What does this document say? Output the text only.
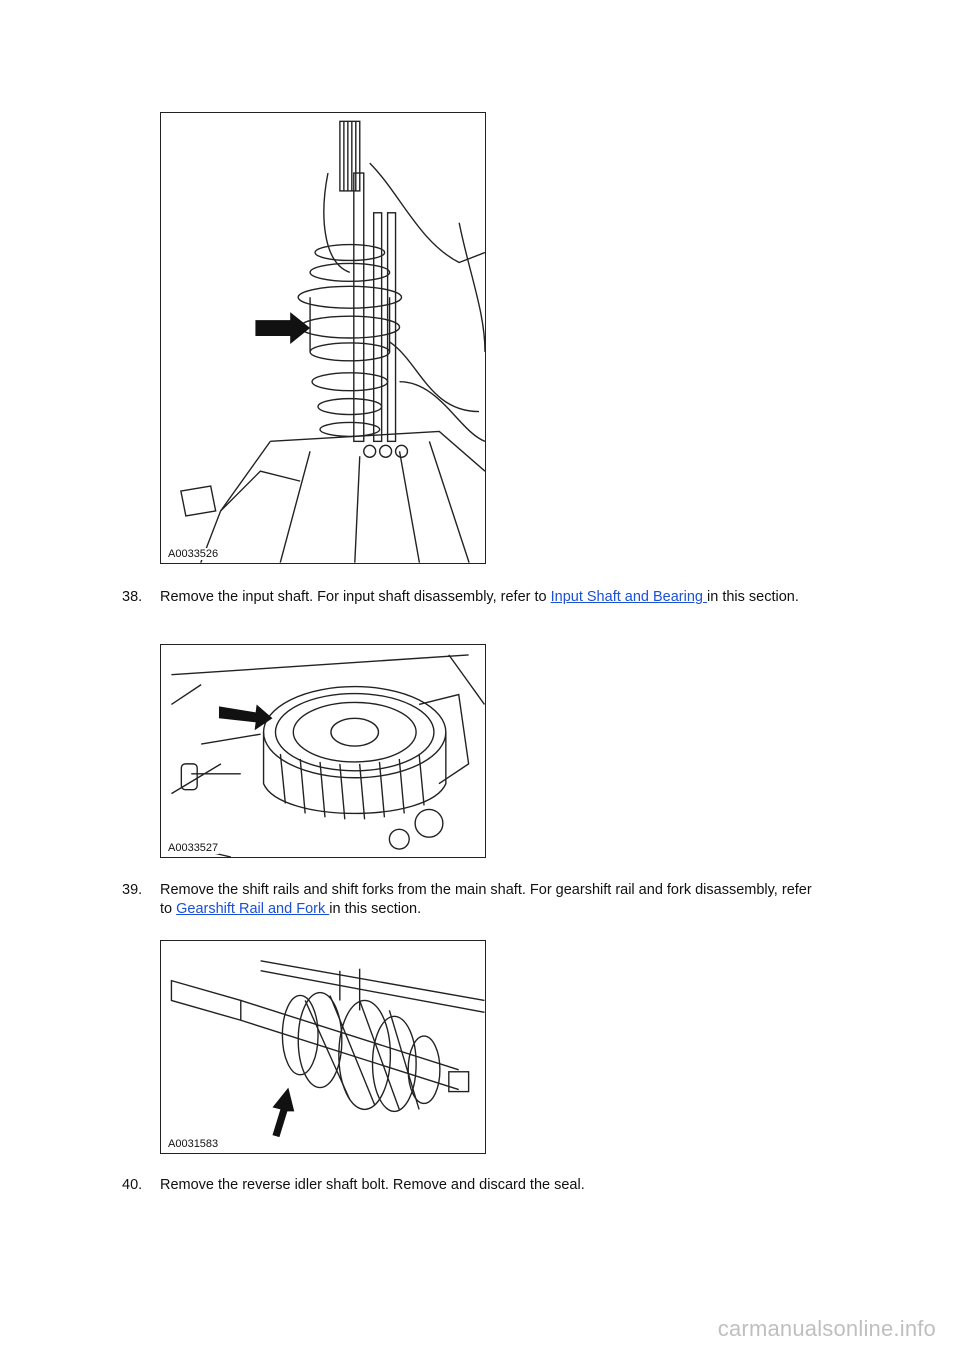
A0033526
38. Remove the input shaft. For input shaft disassembly, refer to Input Shaft and Bearing in this section.
A0033527
39. Remove the shift rails and shift forks from the main shaft. For gearshift rail and fork disassembly, refer to Gearshift Rail and Fork in this section.
A0031583
40. Remove the reverse idler shaft bolt. Remove and discard the seal.
carmanualsonline.info
